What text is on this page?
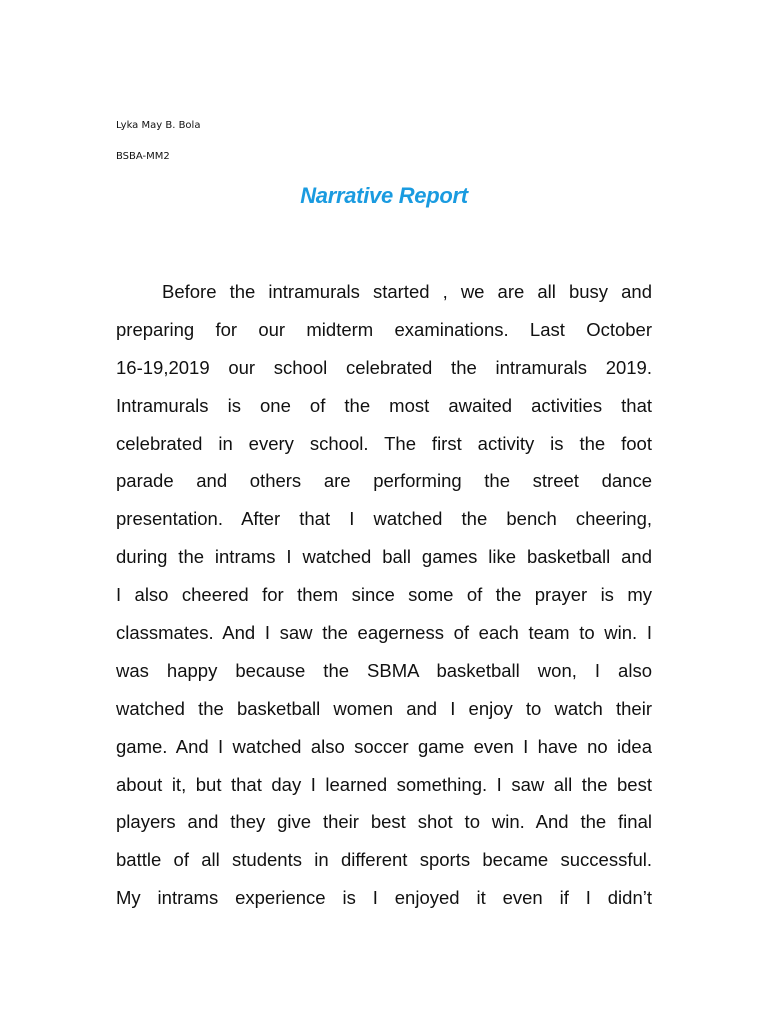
Lyka May B. Bola
BSBA-MM2
Narrative Report
Before the intramurals started , we are all busy and
preparing for our midterm examinations. Last October
16-19,2019 our school celebrated the intramurals 2019.
Intramurals is one of the most awaited activities that
celebrated in every school. The first activity is the foot
parade and others are performing the street dance
presentation. After that I watched the bench cheering,
during the intrams I watched ball games like basketball and
I also cheered for them since some of the prayer is my
classmates. And I saw the eagerness of each team to win. I
was happy because the SBMA basketball won, I also
watched the basketball women and I enjoy to watch their
game. And I watched also soccer game even I have no idea
about it, but that day I learned something. I saw all the best
players and they give their best shot to win. And the final
battle of all students in different sports became successful.
My intrams experience is I enjoyed it even if I didn’t
